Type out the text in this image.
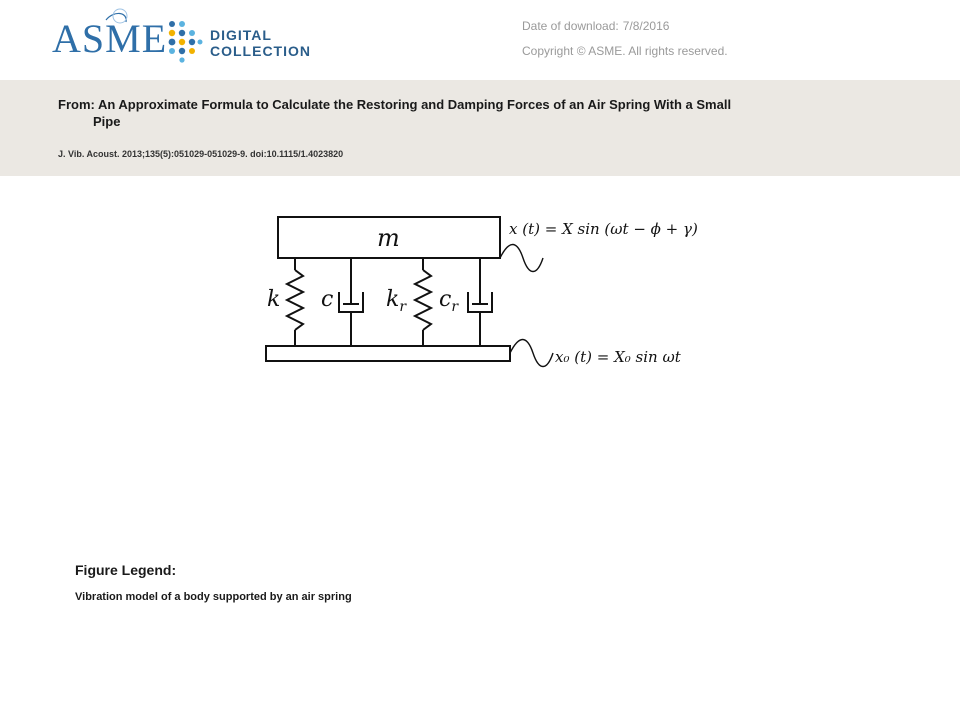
ASME	DIGITAL
COLLECTION
Date of download: 7/8/2016
Copyright © ASME. All rights reserved.
From: An Approximate Formula to Calculate the Restoring and Damping Forces of an Air Spring With a Small
Pipe
J. Vib. Acoust. 2013;135(5):051029-051029-9. doi:10.1115/1.4023820
m
k c $k_r$ $c_r$
x (t) = X sin (ωt − ϕ + γ)
x₀ (t) = X₀ sin ωt
Figure Legend:
Vibration model of a body supported by an air spring
